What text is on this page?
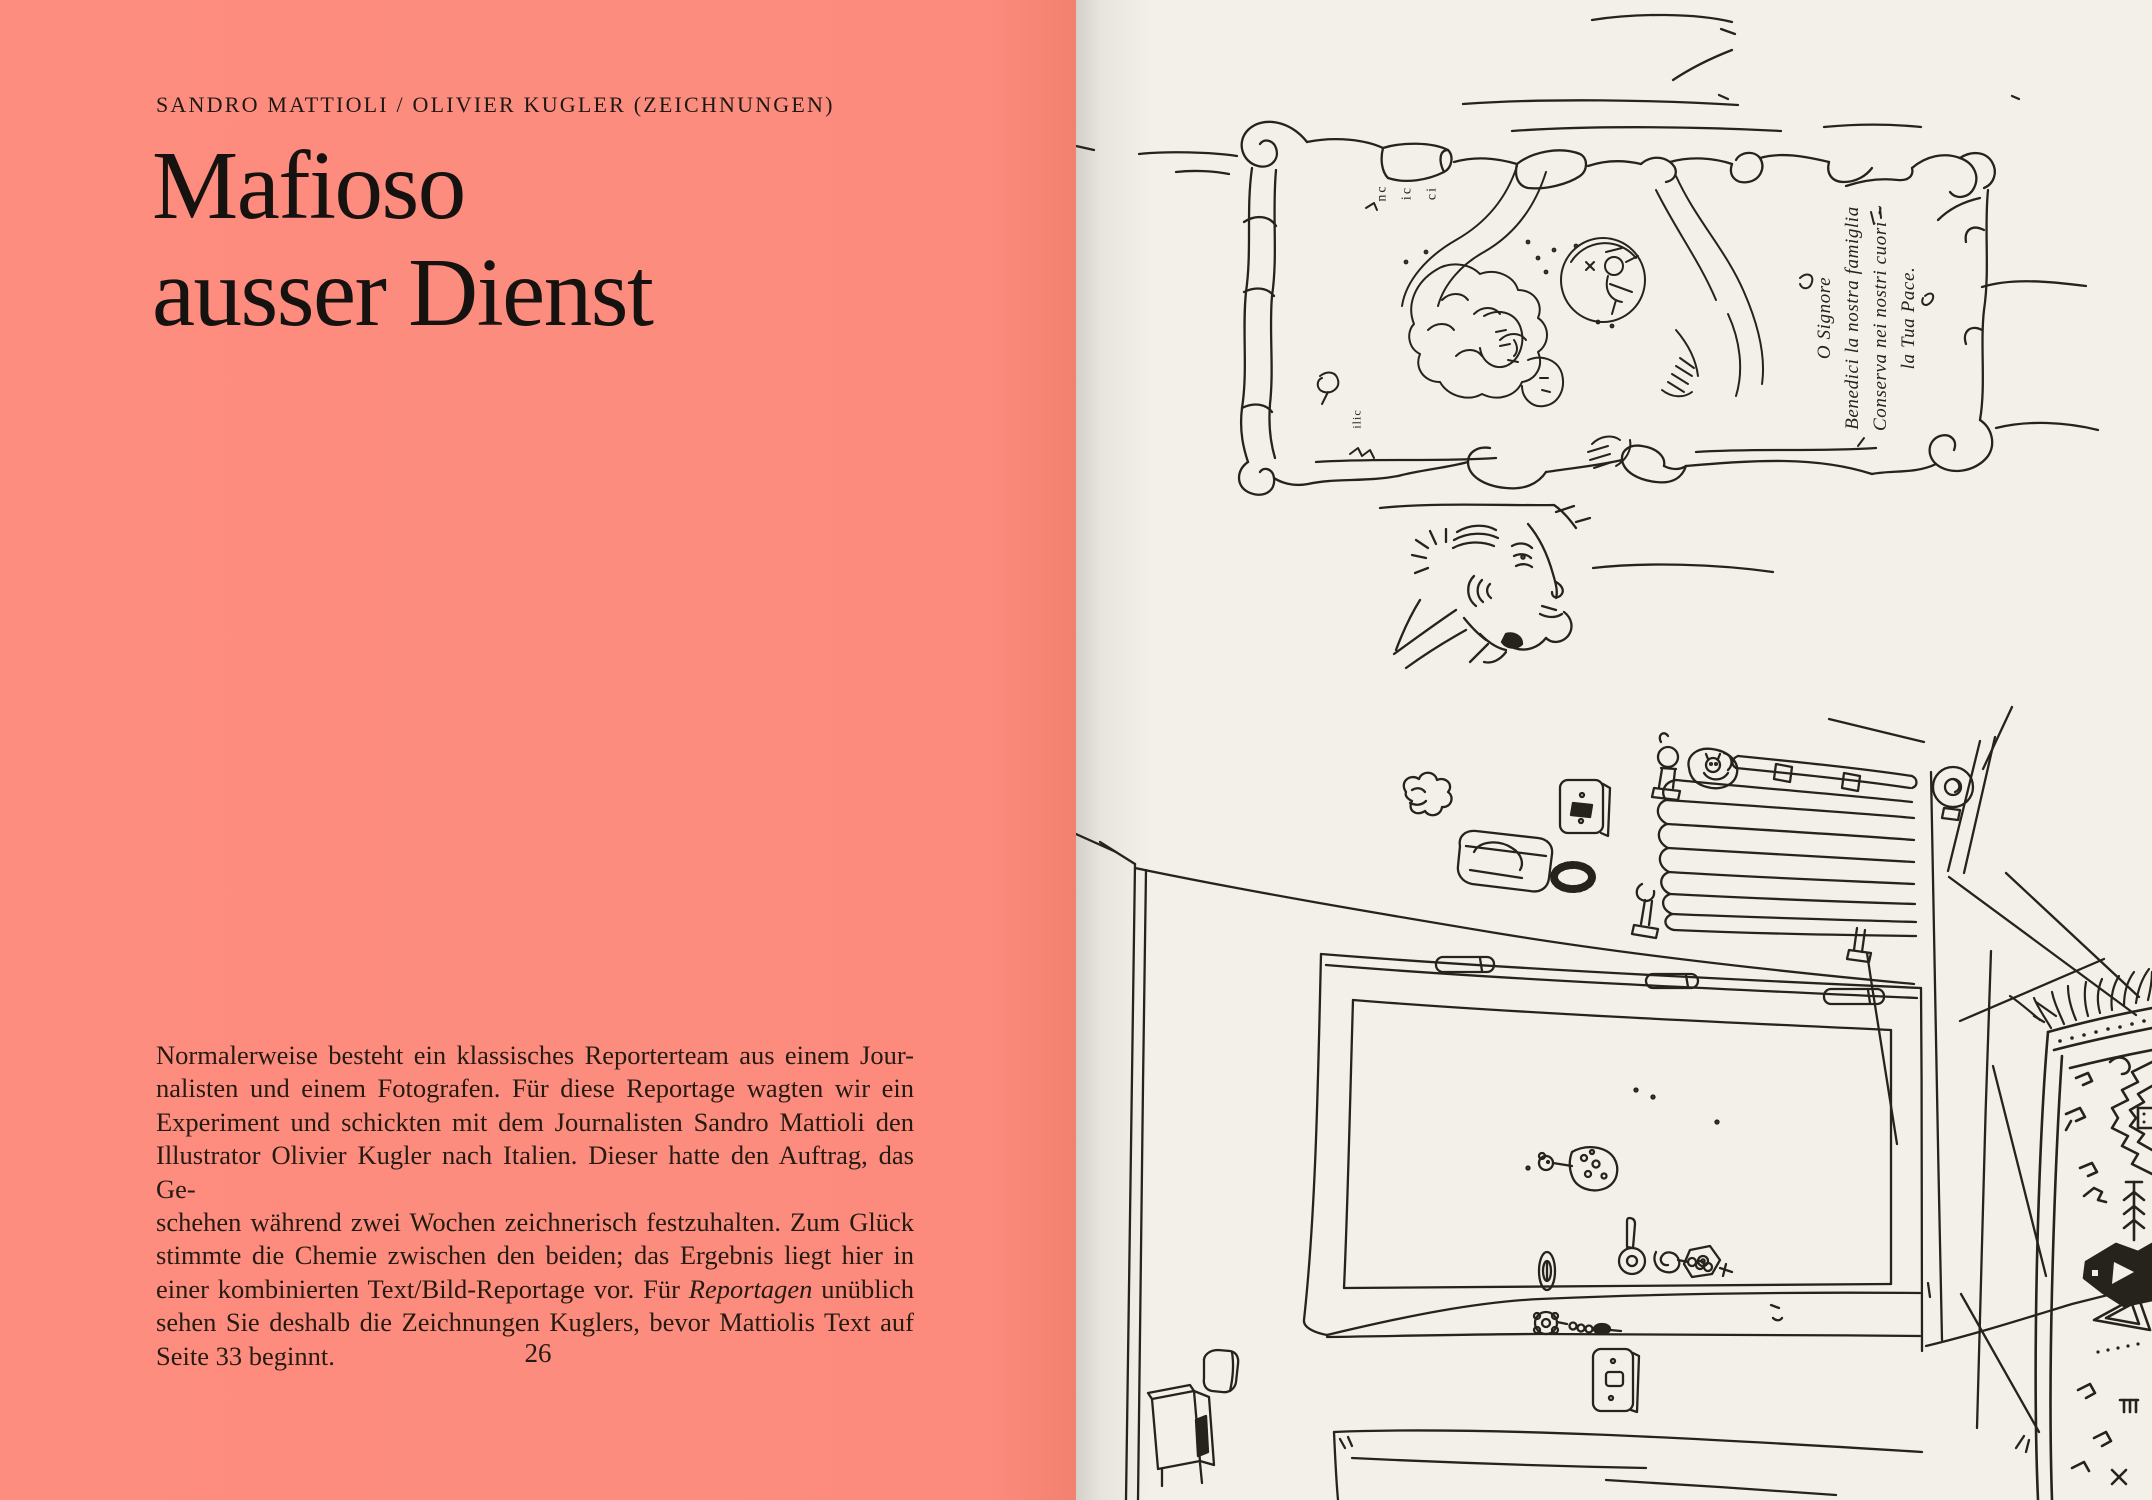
SANDRO MATTIOLI / OLIVIER KUGLER (ZEICHNUNGEN)
Mafioso
ausser Dienst
Normalerweise besteht ein klassisches Reporterteam aus einem Jour-
nalisten und einem Fotografen. Für diese Reportage wagten wir ein
Experiment und schickten mit dem Journalisten Sandro Mattioli den
Illustrator Olivier Kugler nach Italien. Dieser hatte den Auftrag, das Ge-
schehen während zwei Wochen zeichnerisch festzuhalten. Zum Glück
stimmte die Chemie zwischen den beiden; das Ergebnis liegt hier in
einer kombinierten Text/Bild-Reportage vor. Für Reportagen unüblich
sehen Sie deshalb die Zeichnungen Kuglers, bevor Mattiolis Text auf
Seite 33 beginnt.	26
O Signore Benedici la nostra famiglia Conserva nei nostri cuori ~ la Tua Pace.
nc ic ci
ilic
